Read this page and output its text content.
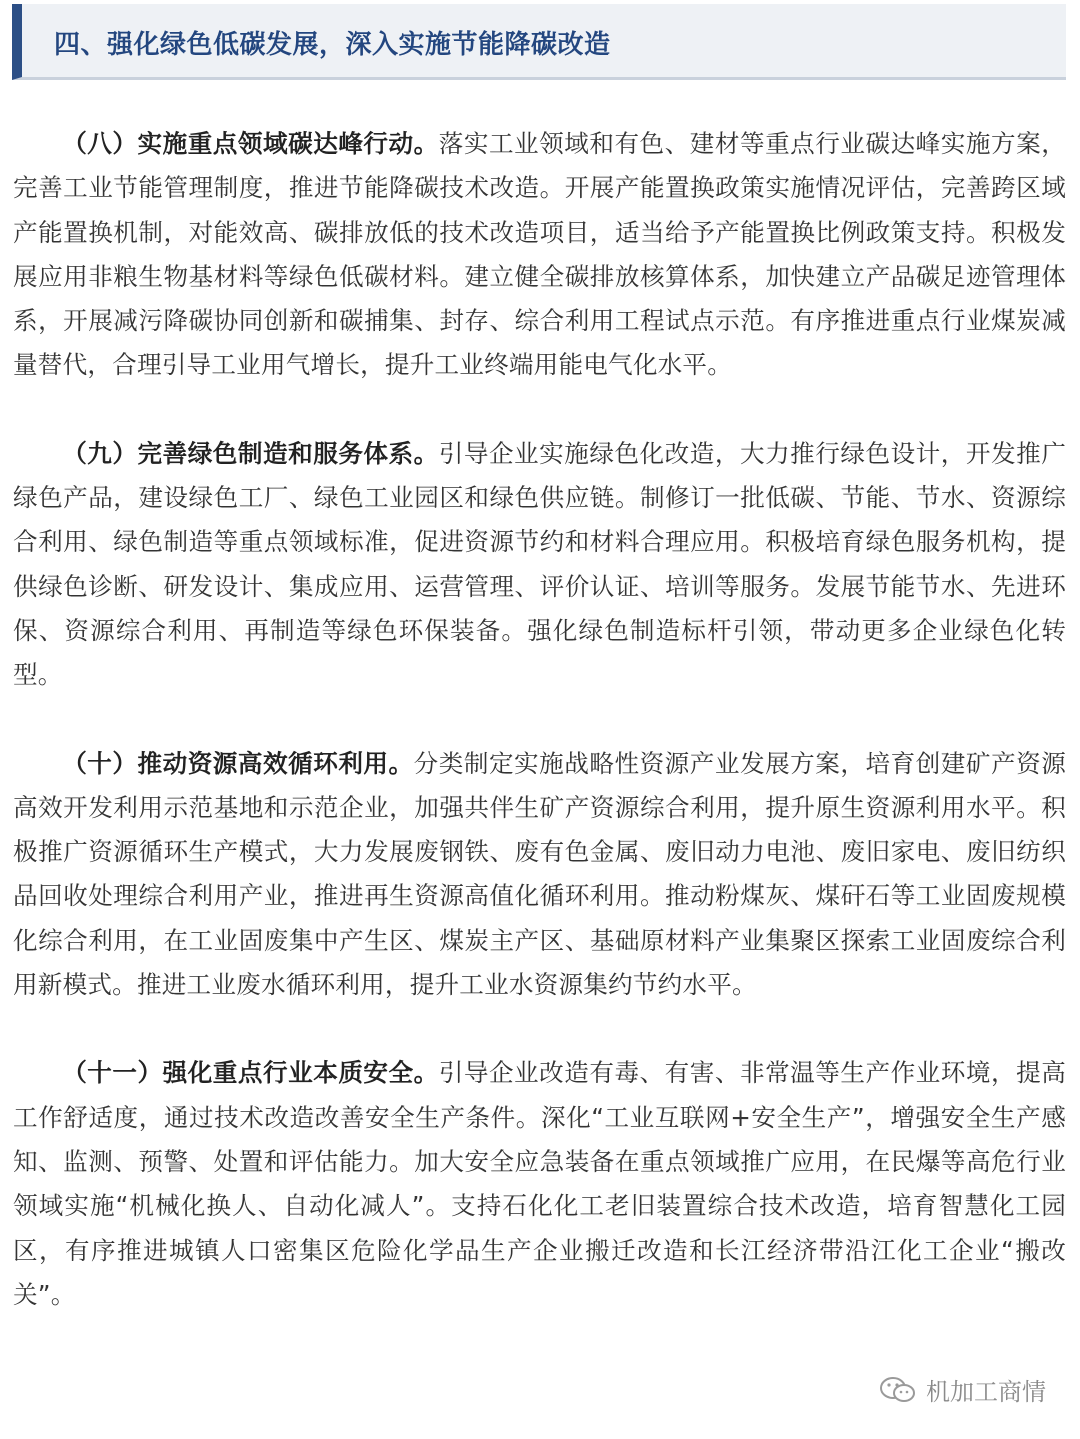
四、强化绿色低碳发展，深入实施节能降碳改造

（八）实施重点领域碳达峰行动。落实工业领域和有色、建材等重点行业碳达峰实施方案，完善工业节能管理制度，推进节能降碳技术改造。开展产能置换政策实施情况评估，完善跨区域产能置换机制，对能效高、碳排放低的技术改造项目，适当给予产能置换比例政策支持。积极发展应用非粮生物基材料等绿色低碳材料。建立健全碳排放核算体系，加快建立产品碳足迹管理体系，开展减污降碳协同创新和碳捕集、封存、综合利用工程试点示范。有序推进重点行业煤炭减量替代，合理引导工业用气增长，提升工业终端用能电气化水平。

（九）完善绿色制造和服务体系。引导企业实施绿色化改造，大力推行绿色设计，开发推广绿色产品，建设绿色工厂、绿色工业园区和绿色供应链。制修订一批低碳、节能、节水、资源综合利用、绿色制造等重点领域标准，促进资源节约和材料合理应用。积极培育绿色服务机构，提供绿色诊断、研发设计、集成应用、运营管理、评价认证、培训等服务。发展节能节水、先进环保、资源综合利用、再制造等绿色环保装备。强化绿色制造标杆引领，带动更多企业绿色化转型。

（十）推动资源高效循环利用。分类制定实施战略性资源产业发展方案，培育创建矿产资源高效开发利用示范基地和示范企业，加强共伴生矿产资源综合利用，提升原生资源利用水平。积极推广资源循环生产模式，大力发展废钢铁、废有色金属、废旧动力电池、废旧家电、废旧纺织品回收处理综合利用产业，推进再生资源高值化循环利用。推动粉煤灰、煤矸石等工业固废规模化综合利用，在工业固废集中产生区、煤炭主产区、基础原材料产业集聚区探索工业固废综合利用新模式。推进工业废水循环利用，提升工业水资源集约节约水平。

（十一）强化重点行业本质安全。引导企业改造有毒、有害、非常温等生产作业环境，提高工作舒适度，通过技术改造改善安全生产条件。深化“工业互联网+安全生产”，增强安全生产感知、监测、预警、处置和评估能力。加大安全应急装备在重点领域推广应用，在民爆等高危行业领域实施“机械化换人、自动化减人”。支持石化化工老旧装置综合技术改造，培育智慧化工园区，有序推进城镇人口密集区危险化学品生产企业搬迁改造和长江经济带沿江化工企业“搬改关”。

机加工商情
